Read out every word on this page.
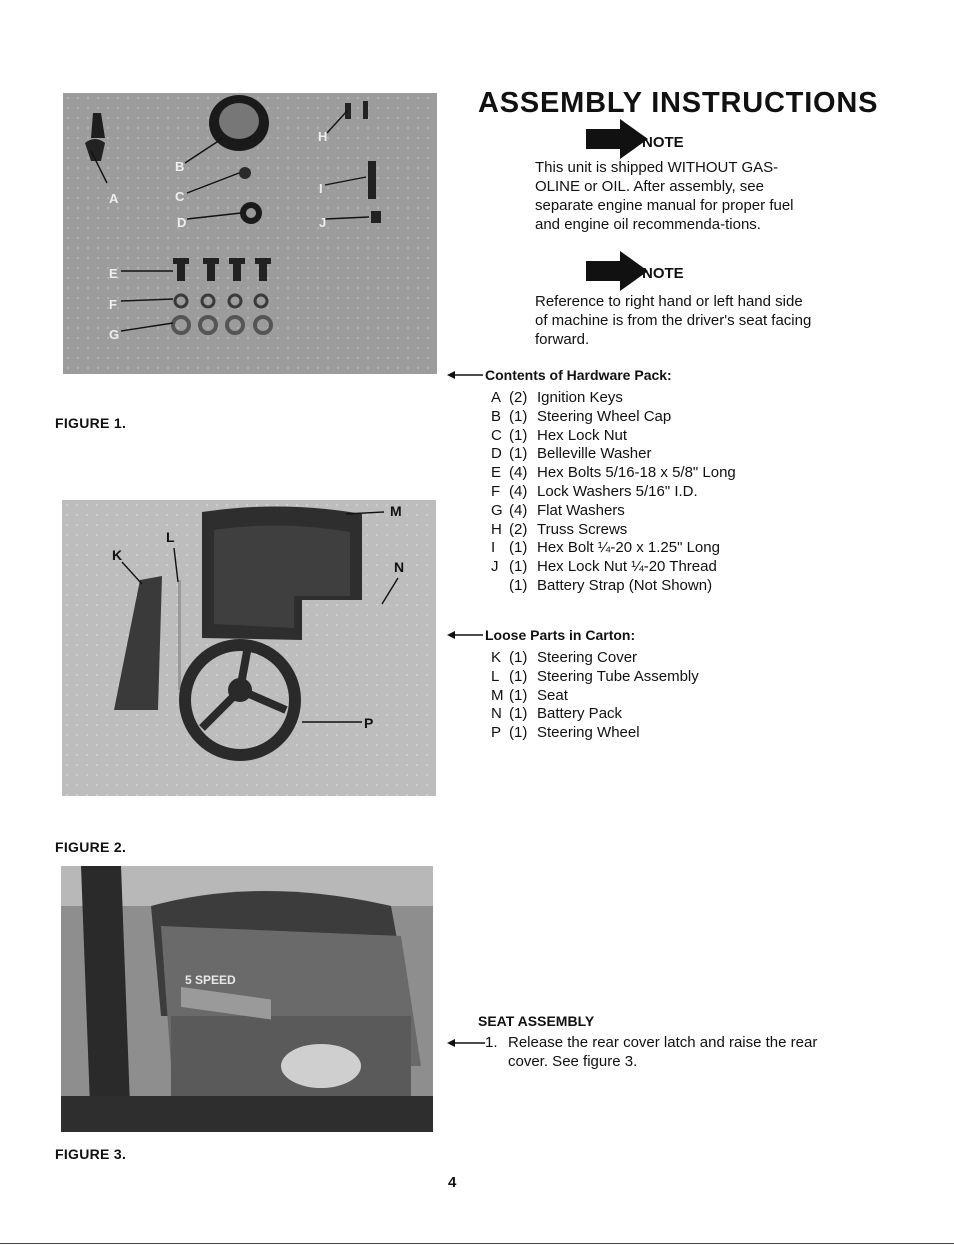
A
B
C
D
E
F
G
H
I
J
FIGURE 1.
K
L
M
N
P
FIGURE 2.
5 SPEED
FIGURE 3.
ASSEMBLY INSTRUCTIONS
NOTE
This unit is shipped WITHOUT GAS-OLINE or OIL. After assembly, see separate engine manual for proper fuel and engine oil recommenda-tions.
NOTE
Reference to right hand or left hand side of machine is from the driver's seat facing forward.
Contents of Hardware Pack:
A (2) Ignition Keys
B (1) Steering Wheel Cap
C (1) Hex Lock Nut
D (1) Belleville Washer
E (4) Hex Bolts 5/16-18 x 5/8" Long
F (4) Lock Washers 5/16" I.D.
G (4) Flat Washers
H (2) Truss Screws
I (1) Hex Bolt ¼-20 x 1.25" Long
J (1) Hex Lock Nut ¼-20 Thread
(1) Battery Strap (Not Shown)
Loose Parts in Carton:
K (1) Steering Cover
L (1) Steering Tube Assembly
M (1) Seat
N (1) Battery Pack
P (1) Steering Wheel
SEAT ASSEMBLY
1. Release the rear cover latch and raise the rear cover. See figure 3.
4
